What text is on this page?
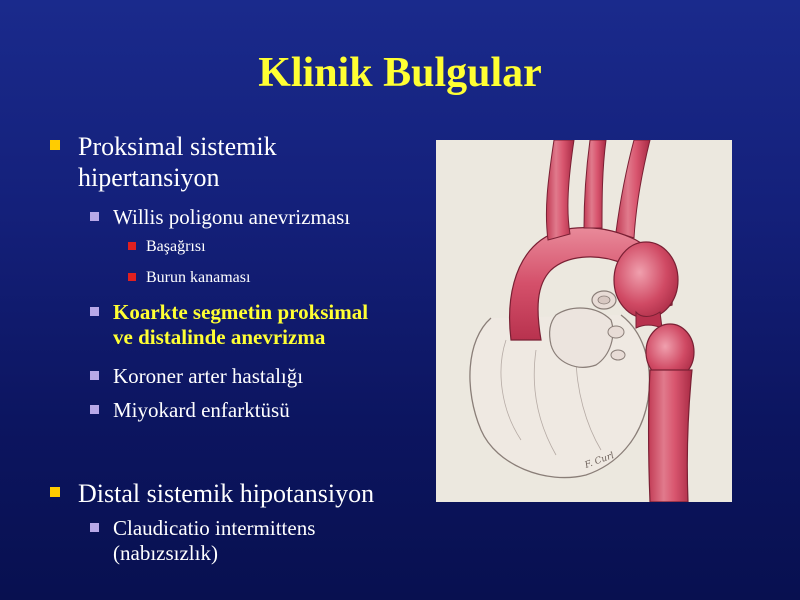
Klinik Bulgular
Proksimal sistemik hipertansiyon
Willis poligonu anevrizması
Başağrısı
Burun kanaması
Koarkte segmetin proksimal
ve distalinde anevrizma
Koroner arter hastalığı
Miyokard enfarktüsü
Distal sistemik hipotansiyon
Claudicatio intermittens
(nabızsızlık)
F. Curl
